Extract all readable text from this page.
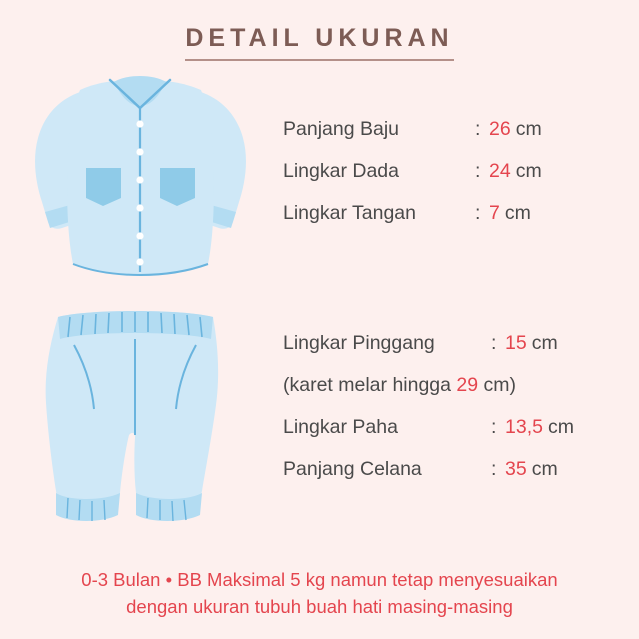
DETAIL UKURAN
Panjang Baju	: 26 cm
Lingkar Dada	: 24 cm
Lingkar Tangan	: 7 cm
Lingkar Pinggang	: 15 cm
(karet melar hingga 29 cm)
Lingkar Paha	: 13,5 cm
Panjang Celana	: 35 cm
0-3 Bulan • BB Maksimal 5 kg namun tetap menyesuaikan
dengan ukuran tubuh buah hati masing-masing
